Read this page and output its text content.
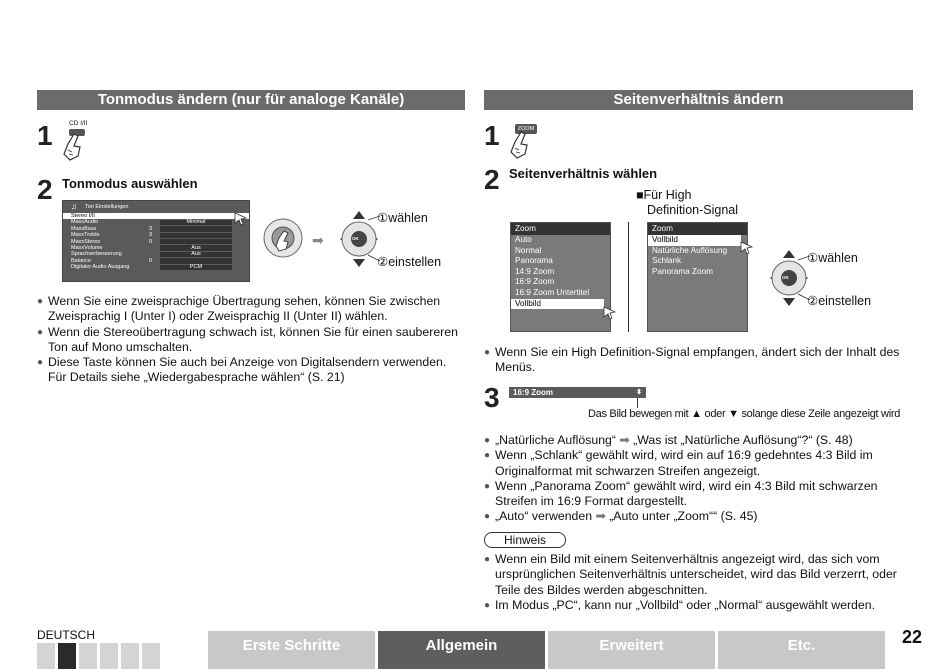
Tonmodus ändern (nur für analoge Kanäle)
1	CD I/II
2 Tonmodus auswählen
♫ Ton Einstellungen
Stereo I/II
MaxxAudio	Minimal
MaxxBass	3
MaxxTreble	3
MaxxStereo	0
MaxxVolume	Aus
Sprachverbesserung	Aus
Balance	0
Digitaler Audio Ausgang	PCM
➡	OK
①wählen
②einstellen
● Wenn Sie eine zweisprachige Übertragung sehen, können Sie zwischen Zweisprachig I (Unter I) oder Zweisprachig II (Unter II) wählen.
● Wenn die Stereoübertragung schwach ist, können Sie für einen saubereren Ton auf Mono umschalten.
● Diese Taste können Sie auch bei Anzeige von Digitalsendern verwenden. Für Details siehe „Wiedergabesprache wählen“ (S. 21)
Seitenverhältnis ändern
1	ZOOM
2 Seitenverhältnis wählen
■Für High
Definition-Signal
Zoom
Auto
Normal
Panorama
14:9 Zoom
16:9 Zoom
16:9 Zoom Untertitel
Vollbild
Zoom
Vollbild
Natürliche Auflösung
Schlank
Panorama Zoom
OK
①wählen
②einstellen
● Wenn Sie ein High Definition-Signal empfangen, ändert sich der Inhalt des Menüs.
3	16:9 Zoom	⬍
Das Bild bewegen mit ▲ oder ▼ solange diese Zeile angezeigt wird
● „Natürliche Auflösung“ ➡ „Was ist „Natürliche Auflösung“?“ (S. 48)
● Wenn „Schlank“ gewählt wird, wird ein auf 16:9 gedehntes 4:3 Bild im Originalformat mit schwarzen Streifen angezeigt.
● Wenn „Panorama Zoom“ gewählt wird, wird ein 4:3 Bild mit schwarzen Streifen im 16:9 Format dargestellt.
● „Auto“ verwenden ➡ „Auto unter „Zoom““ (S. 45)
Hinweis
● Wenn ein Bild mit einem Seitenverhältnis angezeigt wird, das sich vom ursprünglichen Seitenverhältnis unterscheidet, wird das Bild verzerrt, oder Teile des Bildes werden abgeschnitten.
● Im Modus „PC“, kann nur „Vollbild“ oder „Normal“ ausgewählt werden.
DEUTSCH
Erste Schritte	Allgemein	Erweitert	Etc.	22
